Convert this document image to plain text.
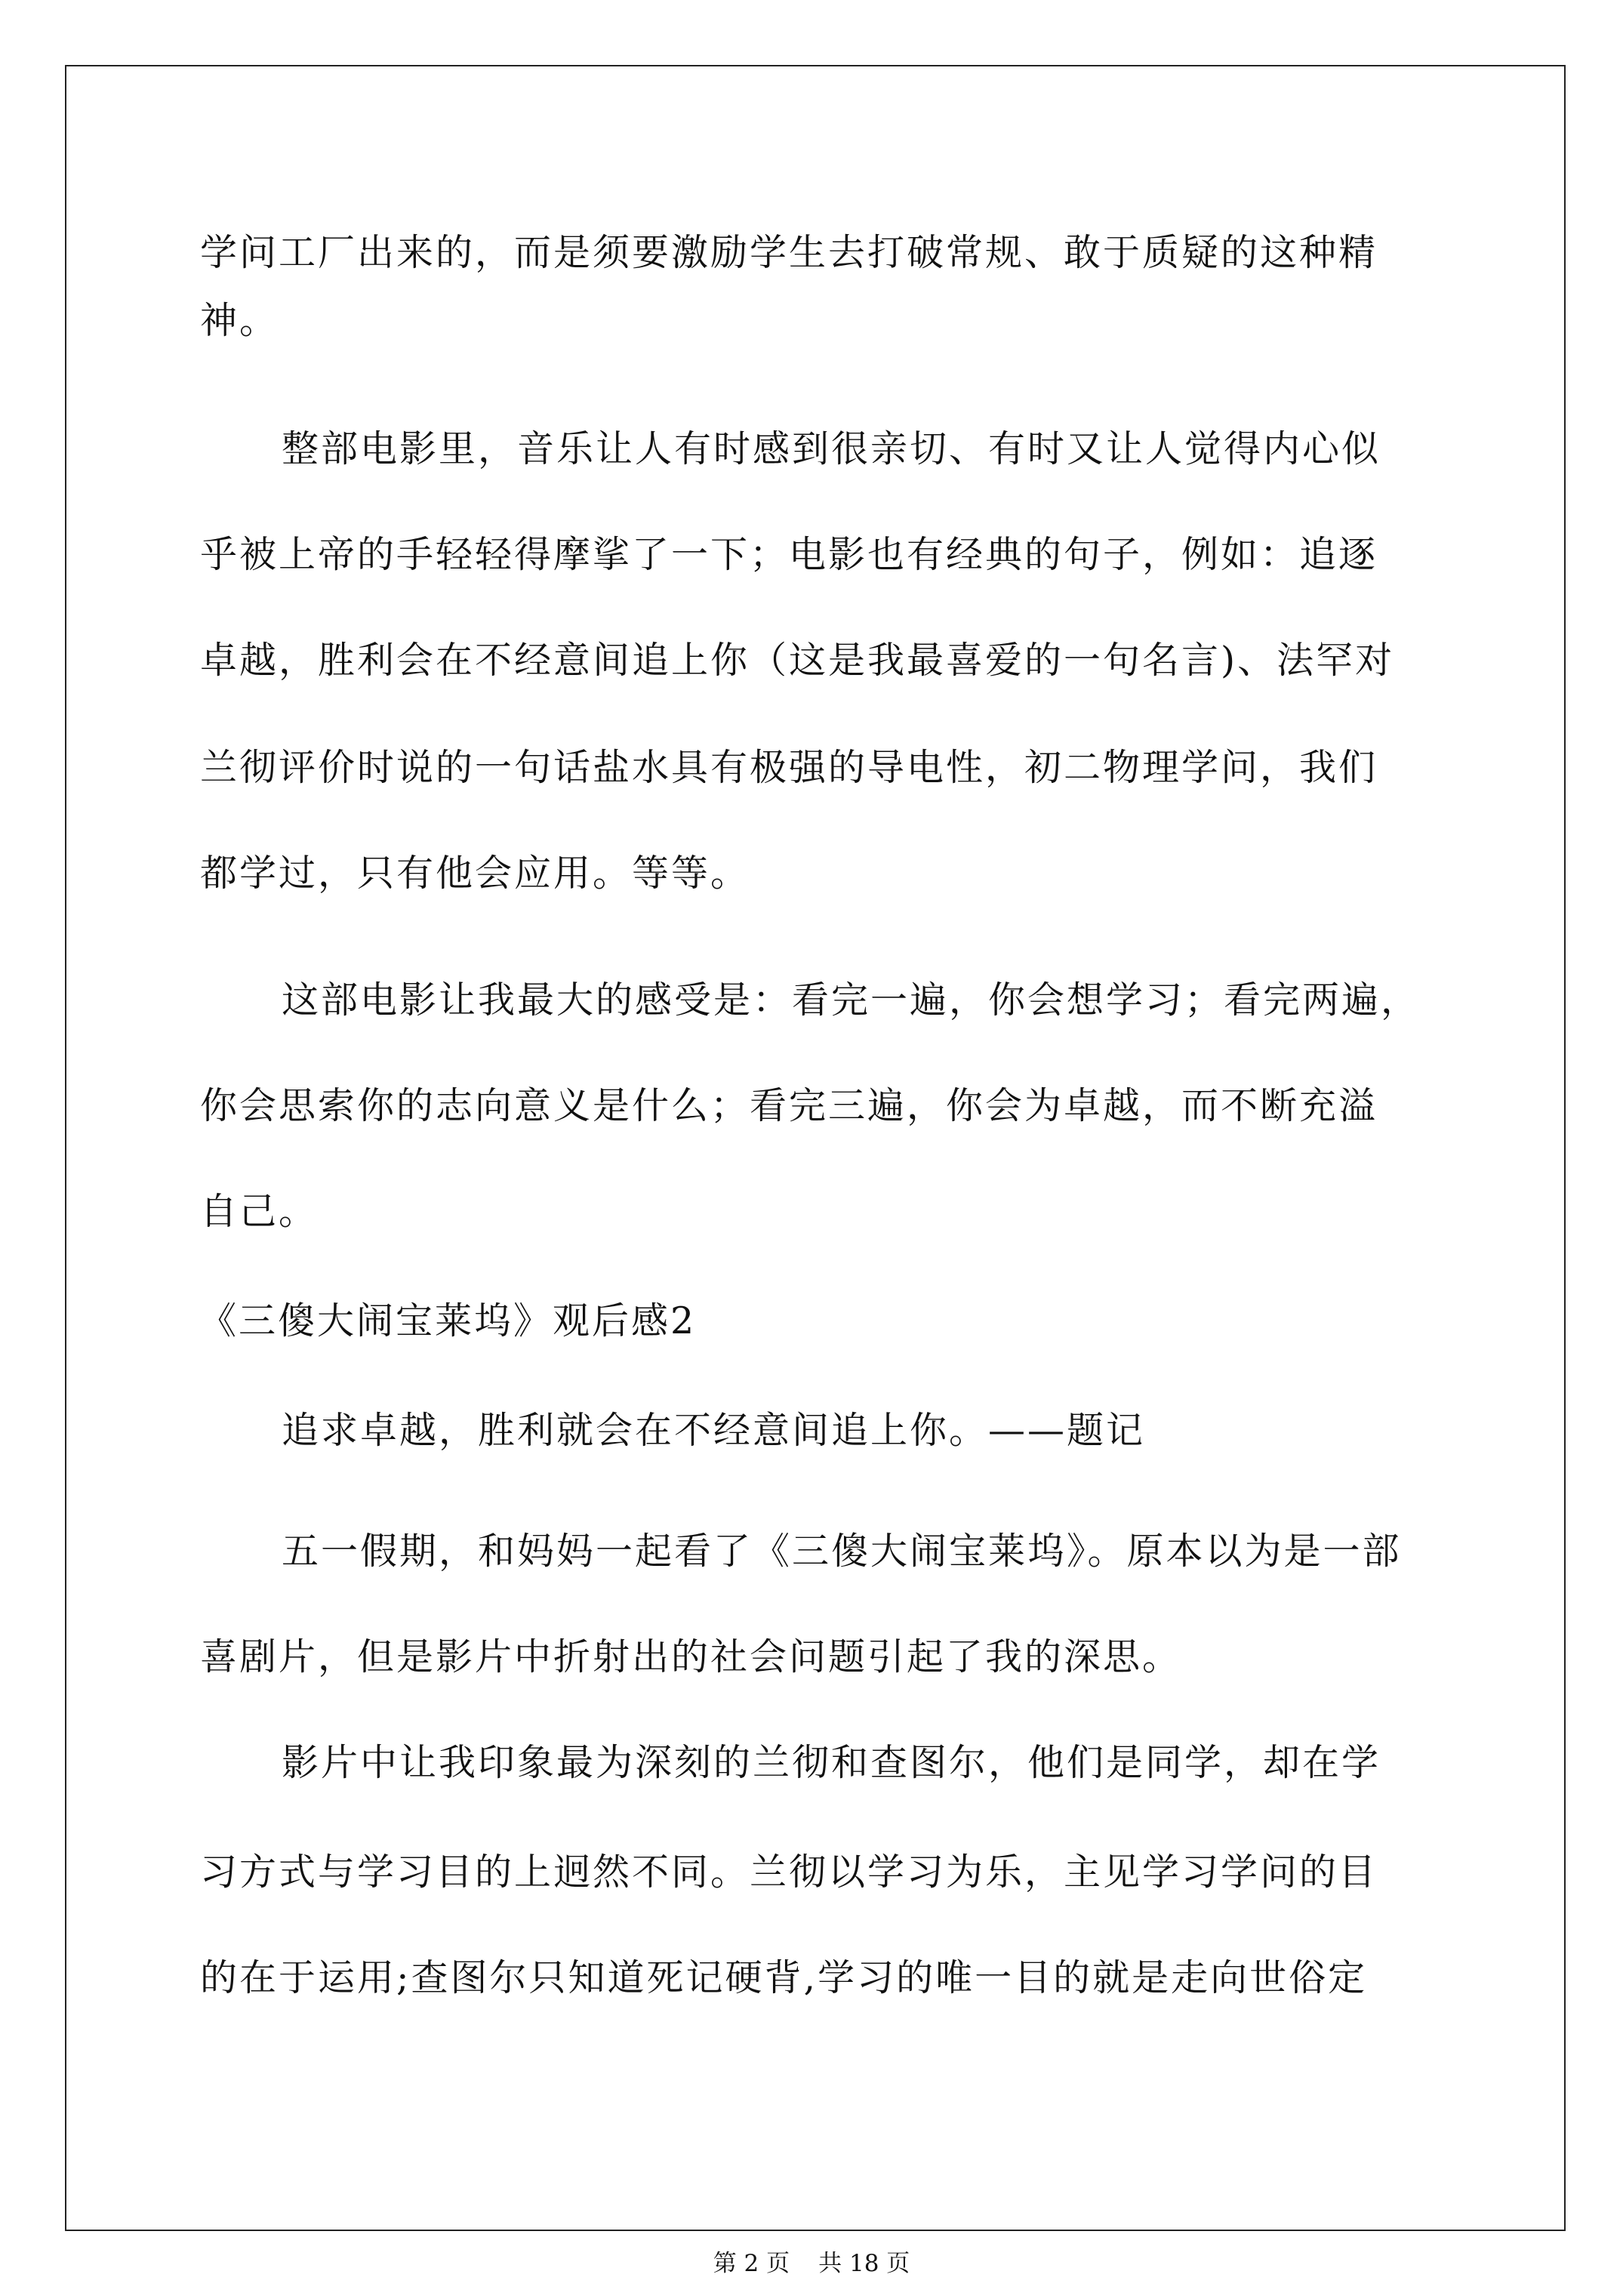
学问工厂出来的，而是须要激励学生去打破常规、敢于质疑的这种精
神。
整部电影里，音乐让人有时感到很亲切、有时又让人觉得内心似
乎被上帝的手轻轻得摩挲了一下；电影也有经典的句子，例如：追逐
卓越，胜利会在不经意间追上你（这是我最喜爱的一句名言)、法罕对
兰彻评价时说的一句话盐水具有极强的导电性，初二物理学问，我们
都学过，只有他会应用。等等。
这部电影让我最大的感受是：看完一遍，你会想学习；看完两遍，
你会思索你的志向意义是什么；看完三遍，你会为卓越，而不断充溢
自己。
《三傻大闹宝莱坞》观后感2
追求卓越，胜利就会在不经意间追上你。——题记
五一假期，和妈妈一起看了《三傻大闹宝莱坞》。原本以为是一部
喜剧片，但是影片中折射出的社会问题引起了我的深思。
影片中让我印象最为深刻的兰彻和查图尔，他们是同学，却在学
习方式与学习目的上迥然不同。兰彻以学习为乐，主见学习学问的目
的在于运用;查图尔只知道死记硬背,学习的唯一目的就是走向世俗定
第 2 页 共 18 页
